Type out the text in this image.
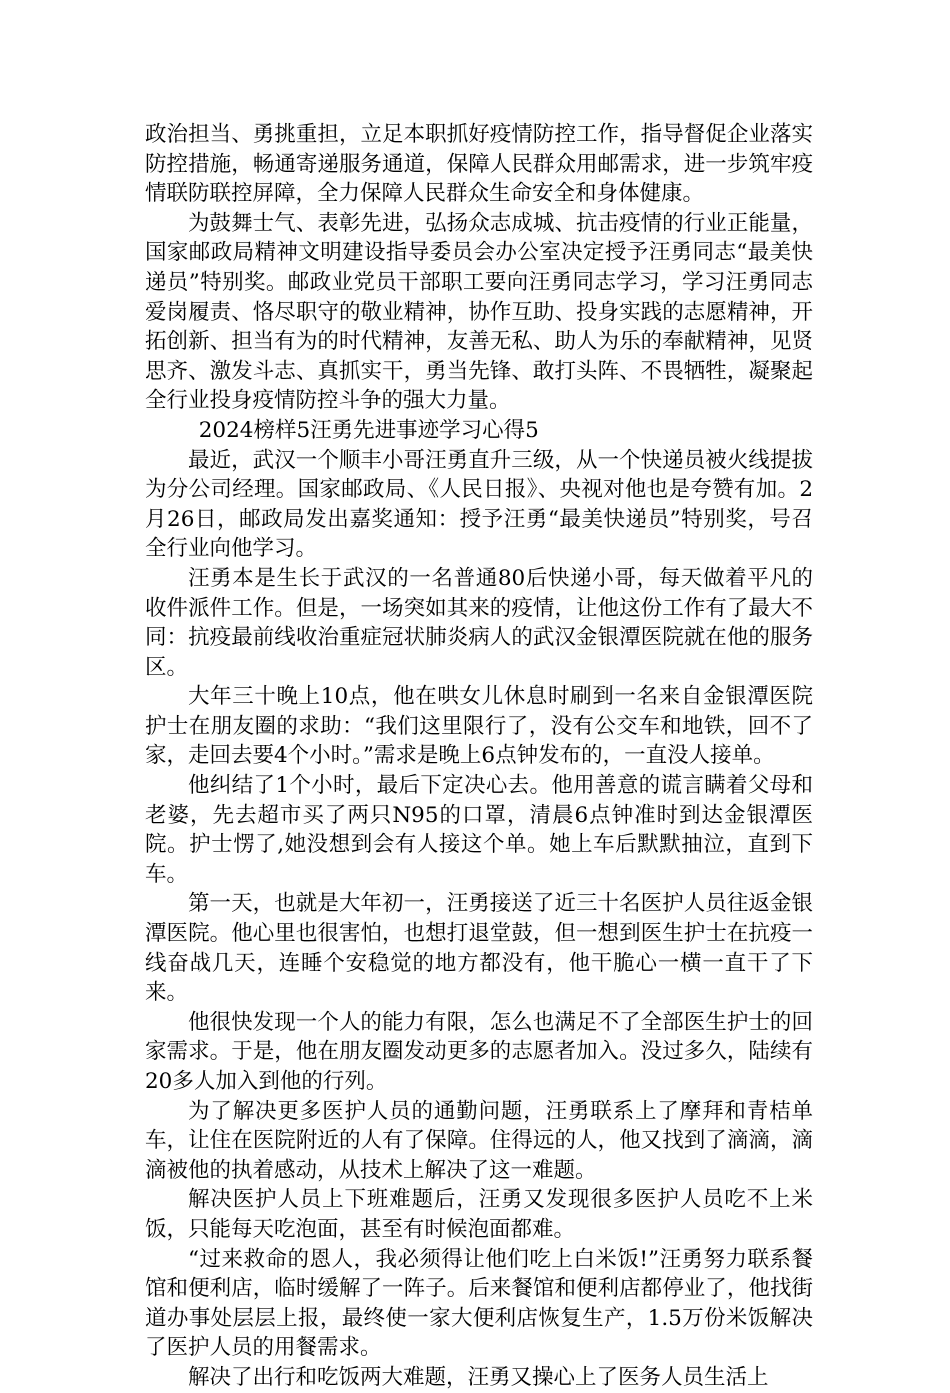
政治担当、勇挑重担，立足本职抓好疫情防控工作，指导督促企业落实防控措施，畅通寄递服务通道，保障人民群众用邮需求，进一步筑牢疫情联防联控屏障，全力保障人民群众生命安全和身体健康。

为鼓舞士气、表彰先进，弘扬众志成城、抗击疫情的行业正能量，国家邮政局精神文明建设指导委员会办公室决定授予汪勇同志“最美快递员”特别奖。邮政业党员干部职工要向汪勇同志学习，学习汪勇同志爱岗履责、恪尽职守的敬业精神，协作互助、投身实践的志愿精神，开拓创新、担当有为的时代精神，友善无私、助人为乐的奉献精神，见贤思齐、激发斗志、真抓实干，勇当先锋、敢打头阵、不畏牺牲，凝聚起全行业投身疫情防控斗争的强大力量。

2024榜样5汪勇先进事迹学习心得5

最近，武汉一个顺丰小哥汪勇直升三级，从一个快递员被火线提拔为分公司经理。国家邮政局、《人民日报》、央视对他也是夸赞有加。2月26日，邮政局发出嘉奖通知：授予汪勇“最美快递员”特别奖，号召全行业向他学习。

汪勇本是生长于武汉的一名普通80后快递小哥，每天做着平凡的收件派件工作。但是，一场突如其来的疫情，让他这份工作有了最大不同：抗疫最前线收治重症冠状肺炎病人的武汉金银潭医院就在他的服务区。

大年三十晚上10点，他在哄女儿休息时刷到一名来自金银潭医院护士在朋友圈的求助：“我们这里限行了，没有公交车和地铁，回不了家，走回去要4个小时。”需求是晚上6点钟发布的，一直没人接单。

他纠结了1个小时，最后下定决心去。他用善意的谎言瞒着父母和老婆，先去超市买了两只N95的口罩，清晨6点钟准时到达金银潭医院。护士愣了,她没想到会有人接这个单。她上车后默默抽泣，直到下车。

第一天，也就是大年初一，汪勇接送了近三十名医护人员往返金银潭医院。他心里也很害怕，也想打退堂鼓，但一想到医生护士在抗疫一线奋战几天，连睡个安稳觉的地方都没有，他干脆心一横一直干了下来。

他很快发现一个人的能力有限，怎么也满足不了全部医生护士的回家需求。于是，他在朋友圈发动更多的志愿者加入。没过多久，陆续有20多人加入到他的行列。

为了解决更多医护人员的通勤问题，汪勇联系上了摩拜和青桔单车，让住在医院附近的人有了保障。住得远的人，他又找到了滴滴，滴滴被他的执着感动，从技术上解决了这一难题。

解决医护人员上下班难题后，汪勇又发现很多医护人员吃不上米饭，只能每天吃泡面，甚至有时候泡面都难。

“过来救命的恩人，我必须得让他们吃上白米饭!”汪勇努力联系餐馆和便利店，临时缓解了一阵子。后来餐馆和便利店都停业了，他找街道办事处层层上报，最终使一家大便利店恢复生产，1.5万份米饭解决了医护人员的用餐需求。

解决了出行和吃饭两大难题，汪勇又操心上了医务人员生活上
